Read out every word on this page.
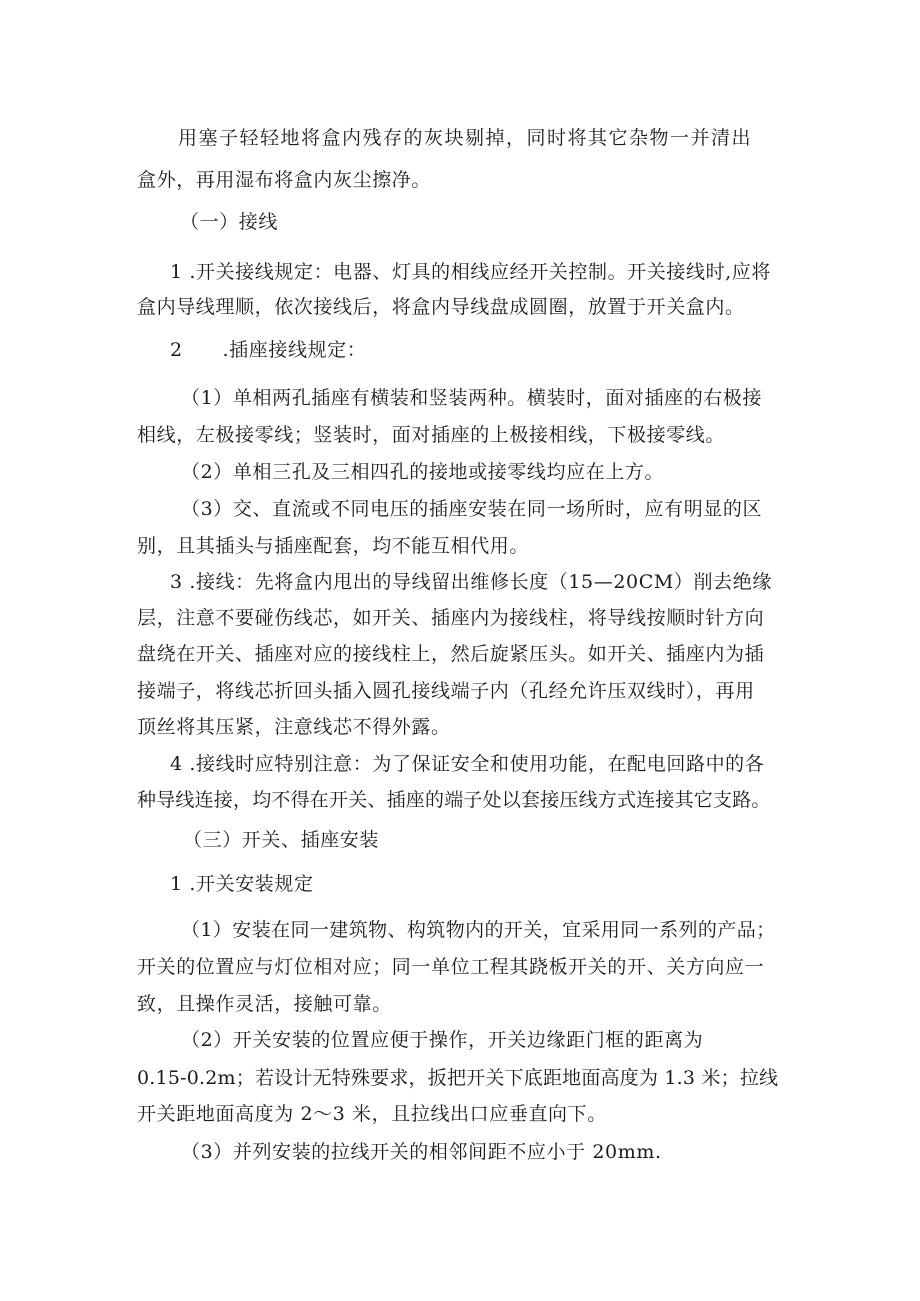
用塞子轻轻地将盒内残存的灰块剔掉，同时将其它杂物一并清出
盒外，再用湿布将盒内灰尘擦净。
（一）接线
1 .开关接线规定：电器、灯具的相线应经开关控制。开关接线时,应将
盒内导线理顺，依次接线后，将盒内导线盘成圆圈，放置于开关盒内。
2      .插座接线规定：
（1）单相两孔插座有横装和竖装两种。横装时，面对插座的右极接
相线，左极接零线；竖装时，面对插座的上极接相线，下极接零线。
（2）单相三孔及三相四孔的接地或接零线均应在上方。
（3）交、直流或不同电压的插座安装在同一场所时，应有明显的区
别，且其插头与插座配套，均不能互相代用。
3 .接线：先将盒内甩出的导线留出维修长度（15—20CM）削去绝缘
层，注意不要碰伤线芯，如开关、插座内为接线柱，将导线按顺时针方向
盘绕在开关、插座对应的接线柱上，然后旋紧压头。如开关、插座内为插
接端子，将线芯折回头插入圆孔接线端子内（孔经允许压双线时），再用
顶丝将其压紧，注意线芯不得外露。
4 .接线时应特别注意：为了保证安全和使用功能，在配电回路中的各
种导线连接，均不得在开关、插座的端子处以套接压线方式连接其它支路。
（三）开关、插座安装
1 .开关安装规定
（1）安装在同一建筑物、构筑物内的开关，宜采用同一系列的产品；
开关的位置应与灯位相对应；同一单位工程其跷板开关的开、关方向应一
致，且操作灵活，接触可靠。
（2）开关安装的位置应便于操作，开关边缘距门框的距离为
0.15-0.2m；若设计无特殊要求，扳把开关下底距地面高度为 1.3 米；拉线
开关距地面高度为 2～3 米，且拉线出口应垂直向下。
（3）并列安装的拉线开关的相邻间距不应小于 20mm.
